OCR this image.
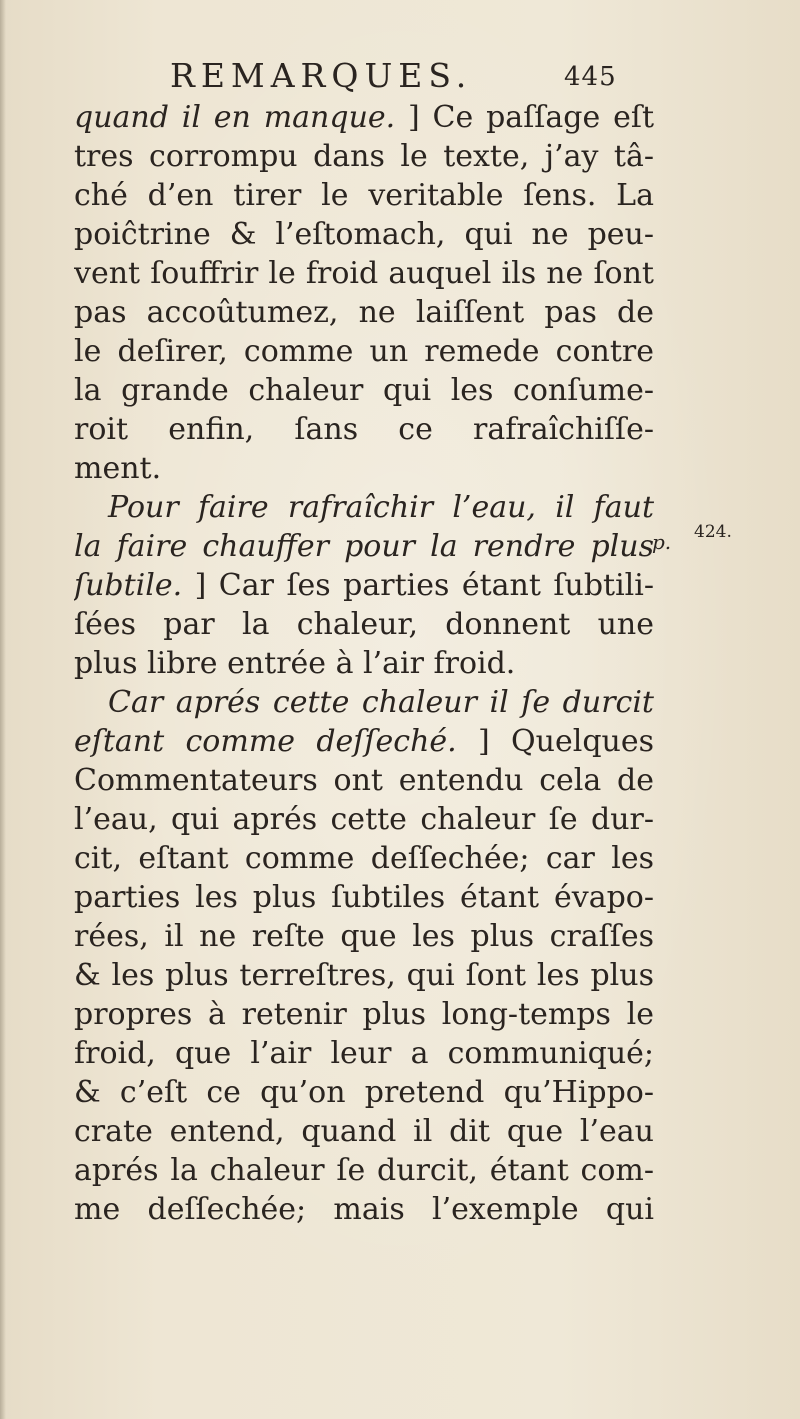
REMARQUES.	445
p. 424.
quand il en manque. ] Ce paſſage eſt
tres corrompu dans le texte, j’ay tâ-
ché d’en tirer le veritable ſens. La
poiĉtrine & l’eſtomach, qui ne peu-
vent ſouffrir le froid auquel ils ne ſont
pas accoûtumez, ne laiſſent pas de
le deſirer, comme un remede contre
la grande chaleur qui les conſume-
roit enfin, ſans ce rafraîchiſſe-
ment.
Pour faire rafraîchir l’eau, il faut
la faire chauffer pour la rendre plus
ſubtile. ] Car ſes parties étant ſubtili-
ſées par la chaleur, donnent une
plus libre entrée à l’air froid.
Car aprés cette chaleur il ſe durcit
eſtant comme deſſeché. ] Quelques
Commentateurs ont entendu cela de
l’eau, qui aprés cette chaleur ſe dur-
cit, eſtant comme deſſechée; car les
parties les plus ſubtiles étant évapo-
rées, il ne reſte que les plus craſſes
& les plus terreſtres, qui ſont les plus
propres à retenir plus long-temps le
froid, que l’air leur a communiqué;
& c’eſt ce qu’on pretend qu’Hippo-
crate entend, quand il dit que l’eau
aprés la chaleur ſe durcit, étant com-
me deſſechée; mais l’exemple qui
